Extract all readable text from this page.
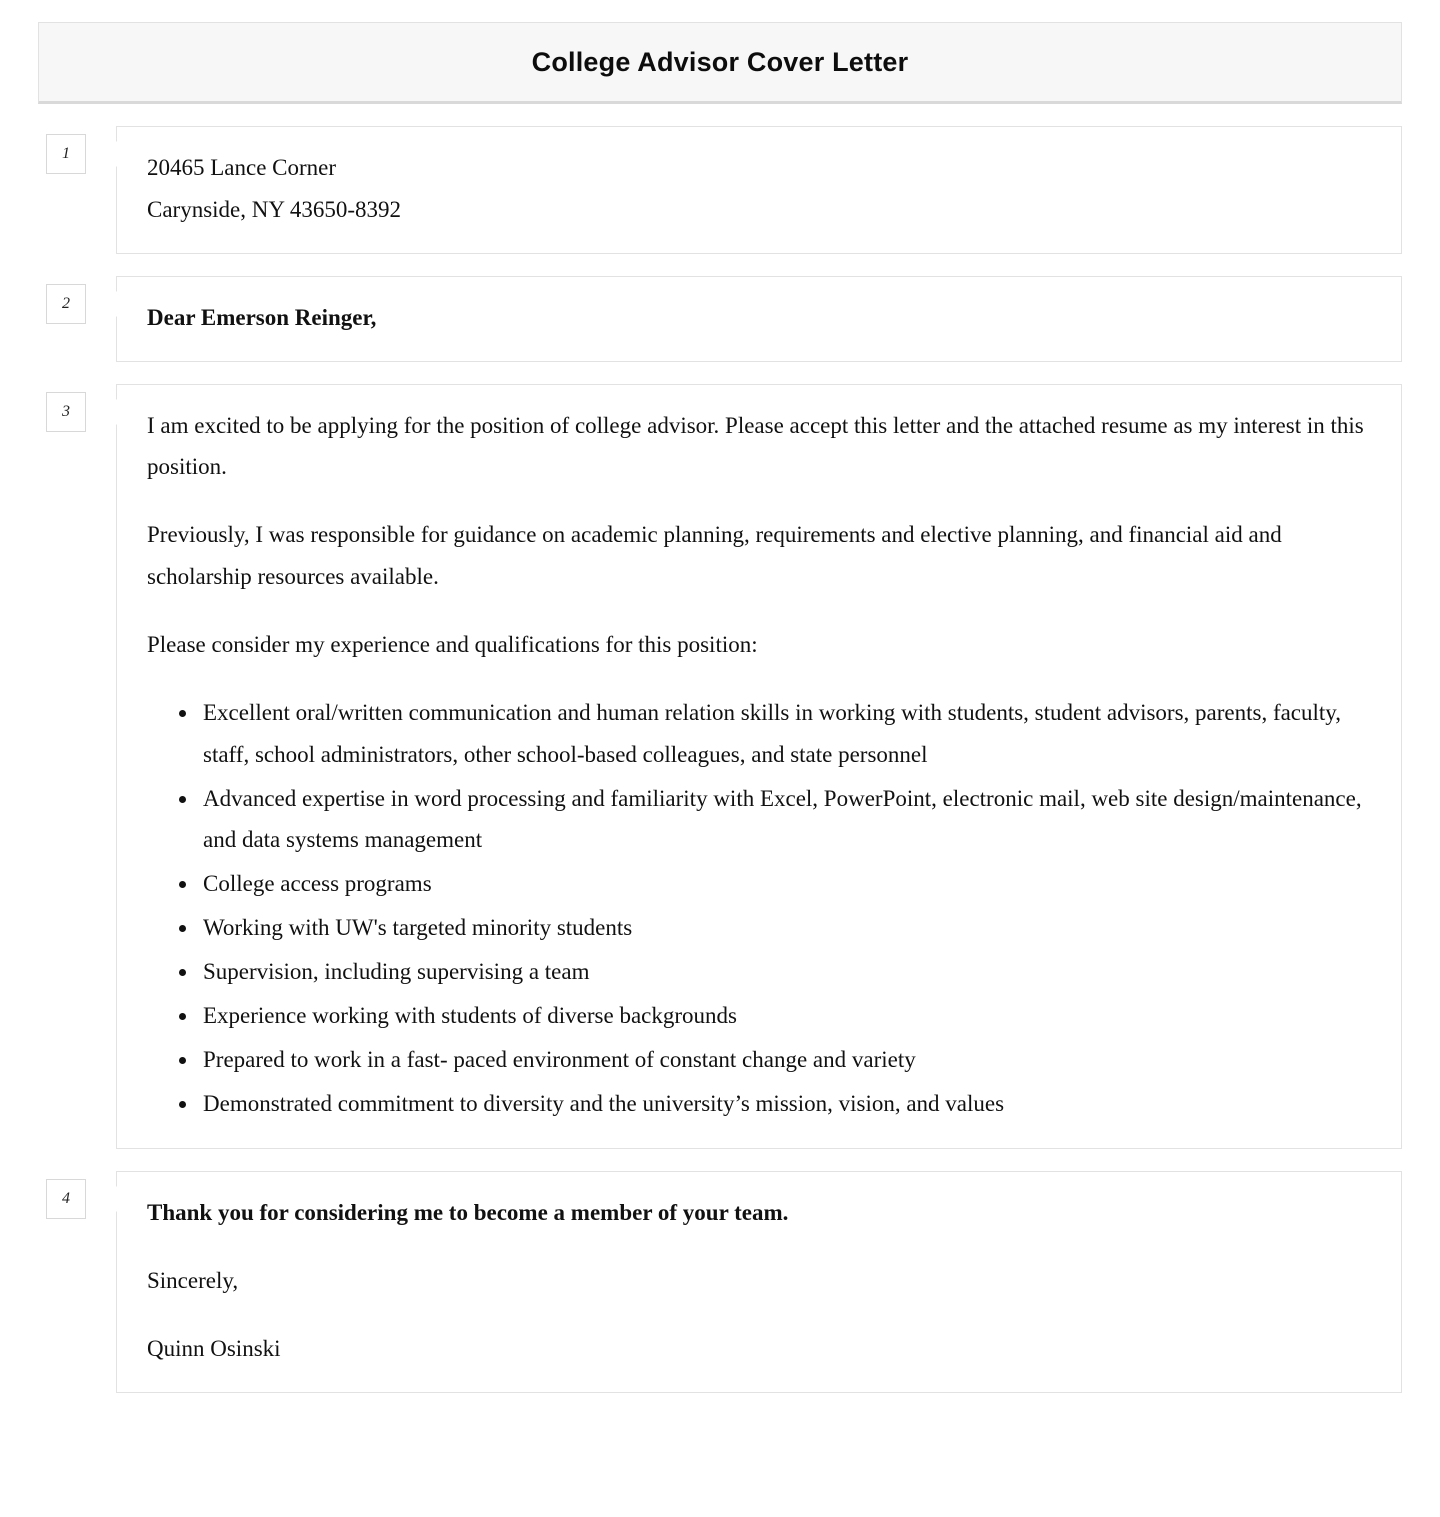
College Advisor Cover Letter
1
20465 Lance Corner
Carynside, NY 43650-8392
2
Dear Emerson Reinger,
3

I am excited to be applying for the position of college advisor. Please accept this letter and the attached resume as my interest in this position.

Previously, I was responsible for guidance on academic planning, requirements and elective planning, and financial aid and scholarship resources available.

Please consider my experience and qualifications for this position:

• Excellent oral/written communication and human relation skills in working with students, student advisors, parents, faculty, staff, school administrators, other school-based colleagues, and state personnel
• Advanced expertise in word processing and familiarity with Excel, PowerPoint, electronic mail, web site design/maintenance, and data systems management
• College access programs
• Working with UW's targeted minority students
• Supervision, including supervising a team
• Experience working with students of diverse backgrounds
• Prepared to work in a fast- paced environment of constant change and variety
• Demonstrated commitment to diversity and the university’s mission, vision, and values
4

Thank you for considering me to become a member of your team.

Sincerely,

Quinn Osinski
